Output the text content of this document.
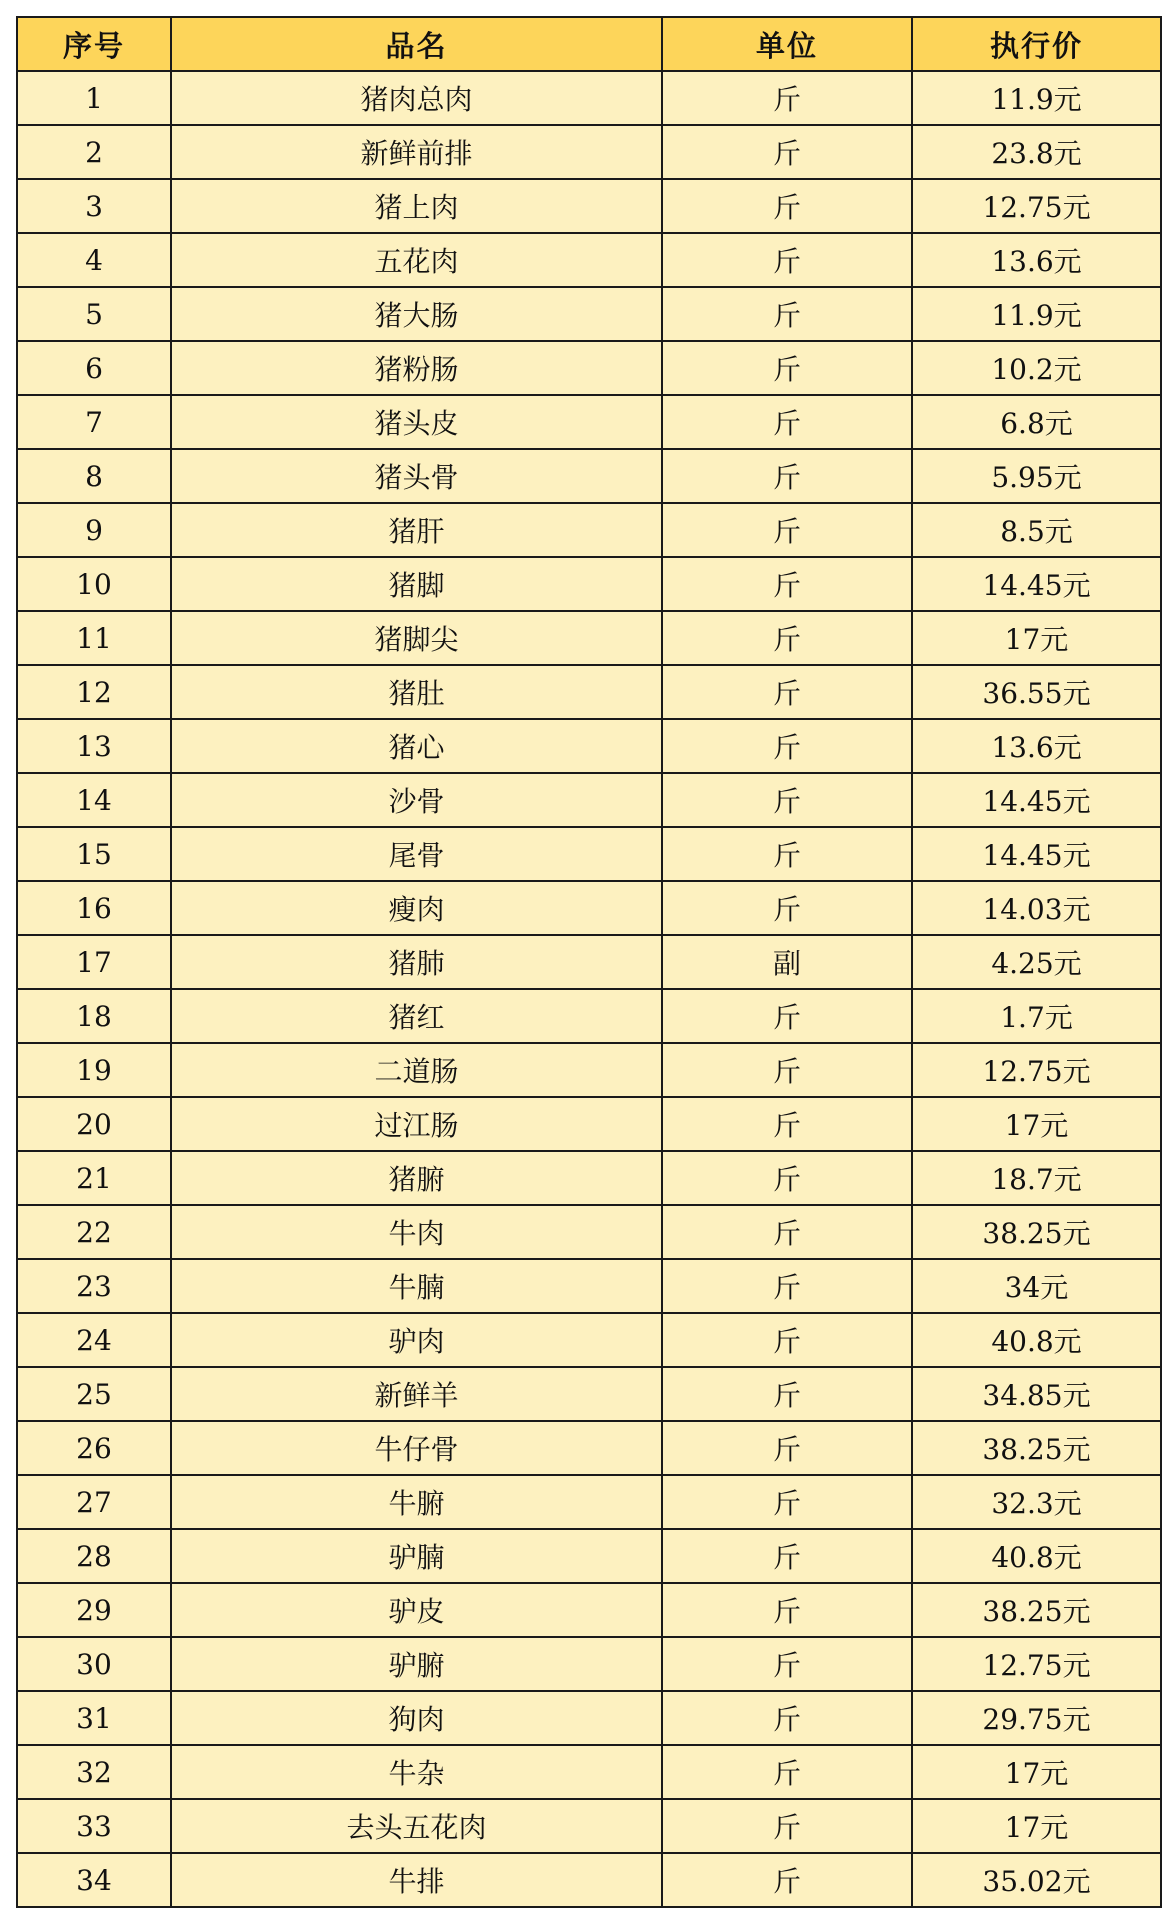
序号	品名	单位	执行价
1	猪肉总肉	斤	11.9元
2	新鲜前排	斤	23.8元
3	猪上肉	斤	12.75元
4	五花肉	斤	13.6元
5	猪大肠	斤	11.9元
6	猪粉肠	斤	10.2元
7	猪头皮	斤	6.8元
8	猪头骨	斤	5.95元
9	猪肝	斤	8.5元
10	猪脚	斤	14.45元
11	猪脚尖	斤	17元
12	猪肚	斤	36.55元
13	猪心	斤	13.6元
14	沙骨	斤	14.45元
15	尾骨	斤	14.45元
16	瘦肉	斤	14.03元
17	猪肺	副	4.25元
18	猪红	斤	1.7元
19	二道肠	斤	12.75元
20	过江肠	斤	17元
21	猪腑	斤	18.7元
22	牛肉	斤	38.25元
23	牛腩	斤	34元
24	驴肉	斤	40.8元
25	新鲜羊	斤	34.85元
26	牛仔骨	斤	38.25元
27	牛腑	斤	32.3元
28	驴腩	斤	40.8元
29	驴皮	斤	38.25元
30	驴腑	斤	12.75元
31	狗肉	斤	29.75元
32	牛杂	斤	17元
33	去头五花肉	斤	17元
34	牛排	斤	35.02元
